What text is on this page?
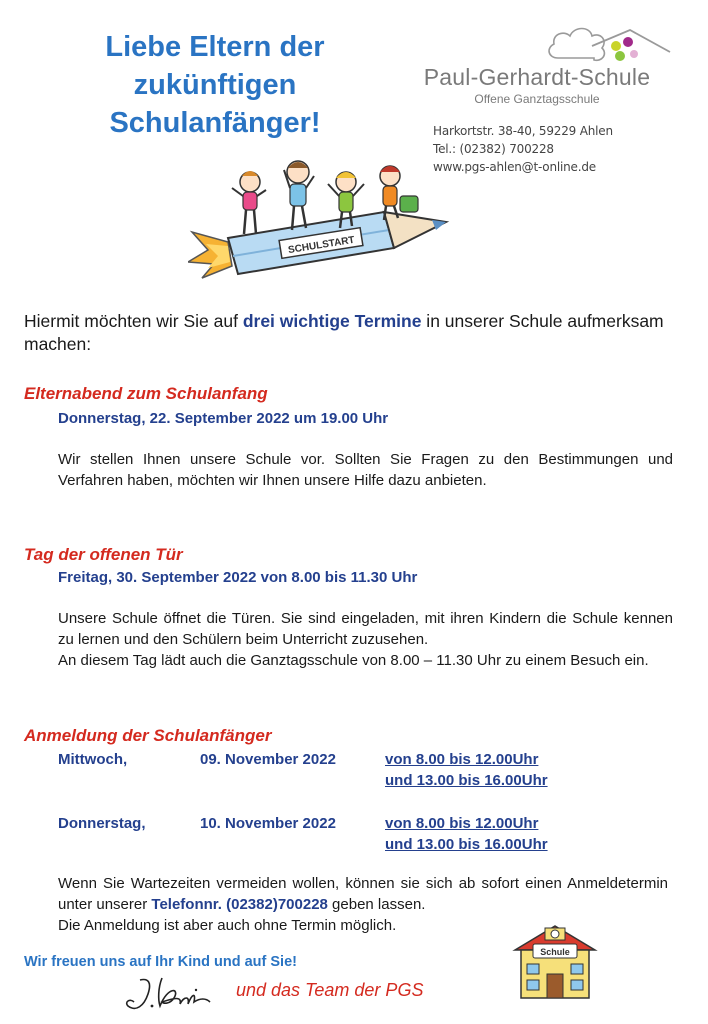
Liebe Eltern der
zukünftigen
Schulanfänger!
Paul-Gerhardt-Schule
Offene Ganztagsschule
Harkortstr. 38-40, 59229 Ahlen
Tel.: (02382) 700228
www.pgs-ahlen@t-online.de
SCHULSTART
Hiermit möchten wir Sie auf drei wichtige Termine in unserer Schule aufmerksam machen:
Elternabend zum Schulanfang
Donnerstag, 22. September 2022 um 19.00 Uhr
Wir stellen Ihnen unsere Schule vor. Sollten Sie Fragen zu den Bestimmungen und Verfahren haben, möchten wir Ihnen unsere Hilfe dazu anbieten.
Tag der offenen Tür
Freitag, 30. September 2022 von 8.00 bis 11.30 Uhr
Unsere Schule öffnet die Türen. Sie sind eingeladen, mit ihren Kindern die Schule kennen zu lernen und den Schülern beim Unterricht zuzusehen.
An diesem Tag lädt auch die Ganztagsschule von 8.00 – 11.30 Uhr zu einem Besuch ein.
Anmeldung der Schulanfänger
Mittwoch,	09. November 2022	von 8.00 bis 12.00Uhr
und 13.00 bis 16.00Uhr
Donnerstag,	10. November 2022	von 8.00 bis 12.00Uhr
und 13.00 bis 16.00Uhr
Wenn Sie Wartezeiten vermeiden wollen, können sie sich ab sofort einen Anmeldetermin unter unserer Telefonnr. (02382)700228 geben lassen.
Die Anmeldung ist aber auch ohne Termin möglich.
Wir freuen uns auf Ihr Kind und auf Sie!
und das Team der PGS
Schule
